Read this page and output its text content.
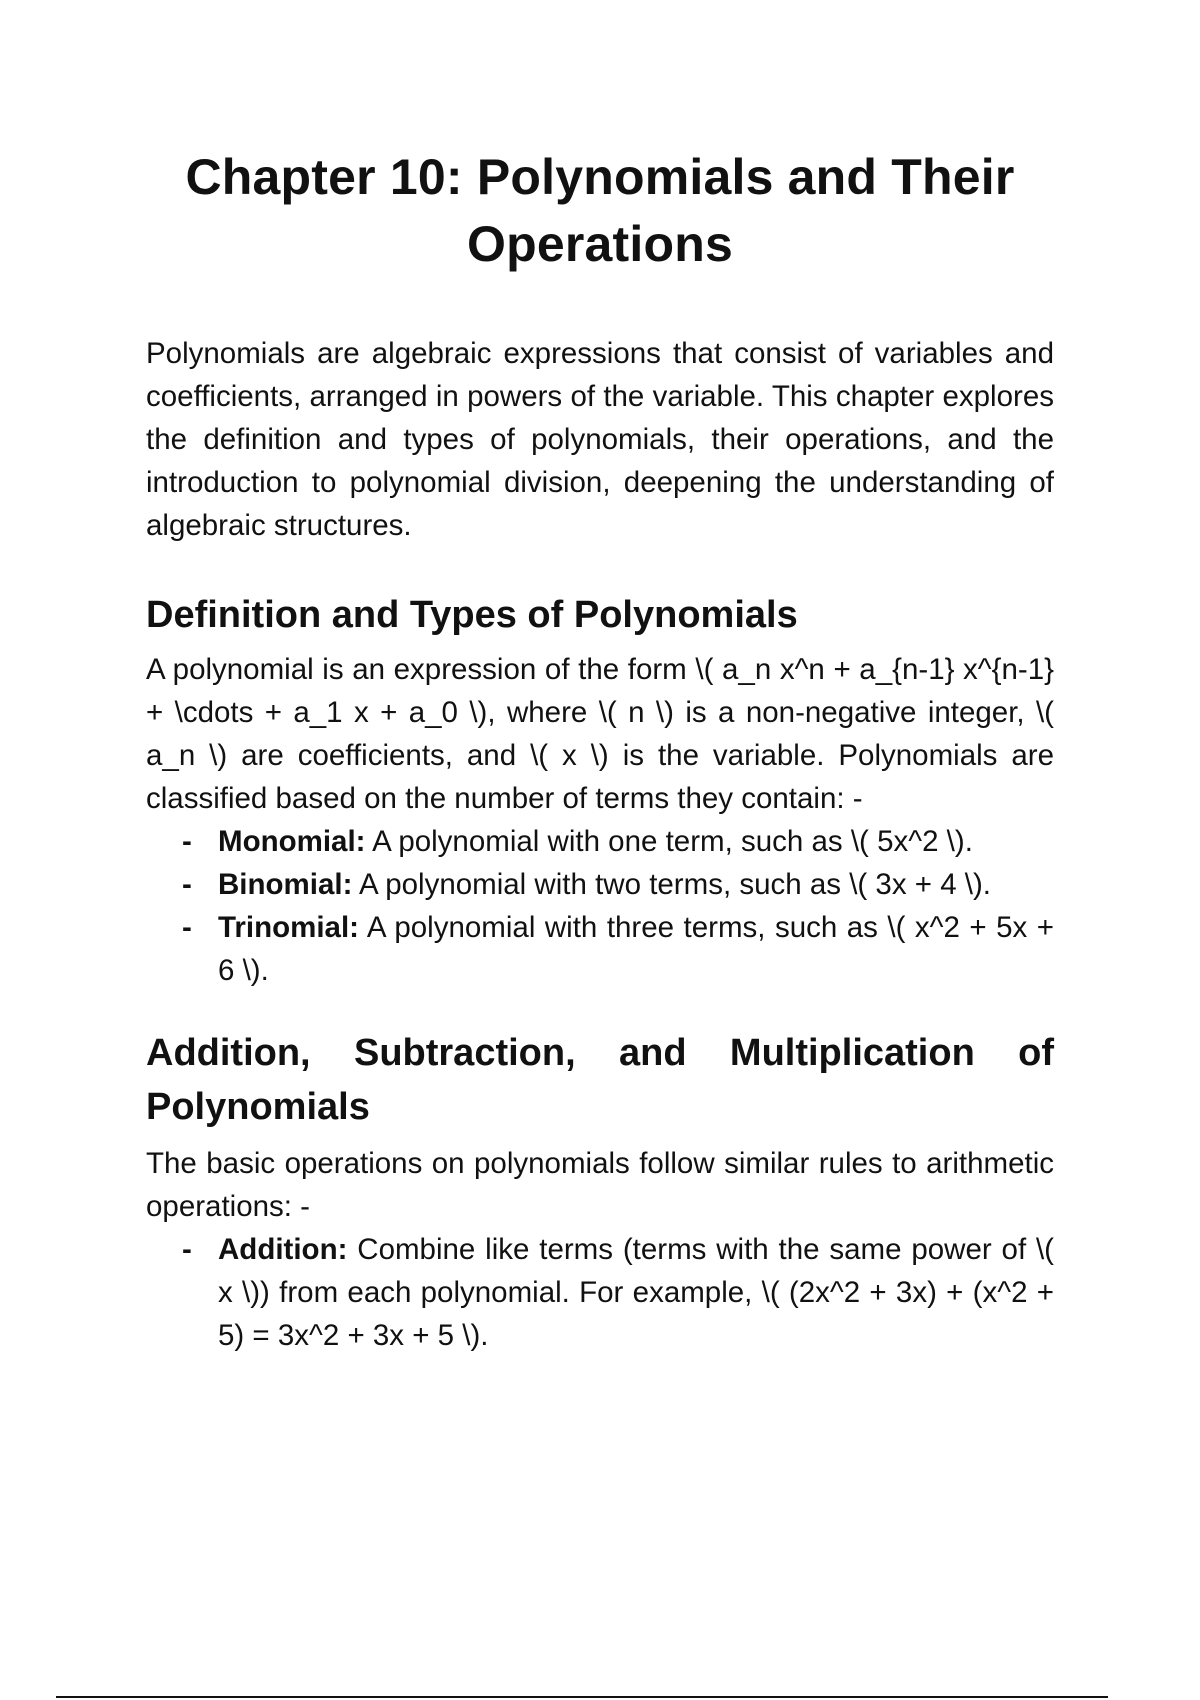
Chapter 10: Polynomials and Their Operations

Polynomials are algebraic expressions that consist of variables and coefficients, arranged in powers of the variable. This chapter explores the definition and types of polynomials, their operations, and the introduction to polynomial division, deepening the understanding of algebraic structures.

Definition and Types of Polynomials

A polynomial is an expression of the form \( a_n x^n + a_{n-1} x^{n-1} + \cdots + a_1 x + a_0 \), where \( n \) is a non-negative integer, \( a_n \) are coefficients, and \( x \) is the variable. Polynomials are classified based on the number of terms they contain: -

- Monomial: A polynomial with one term, such as \( 5x^2 \).
- Binomial: A polynomial with two terms, such as \( 3x + 4 \).
- Trinomial: A polynomial with three terms, such as \( x^2 + 5x + 6 \).
Addition, Subtraction, and Multiplication of Polynomials

The basic operations on polynomials follow similar rules to arithmetic operations: -

- Addition: Combine like terms (terms with the same power of \( x \)) from each polynomial. For example, \( (2x^2 + 3x) + (x^2 + 5) = 3x^2 + 3x + 5 \).
